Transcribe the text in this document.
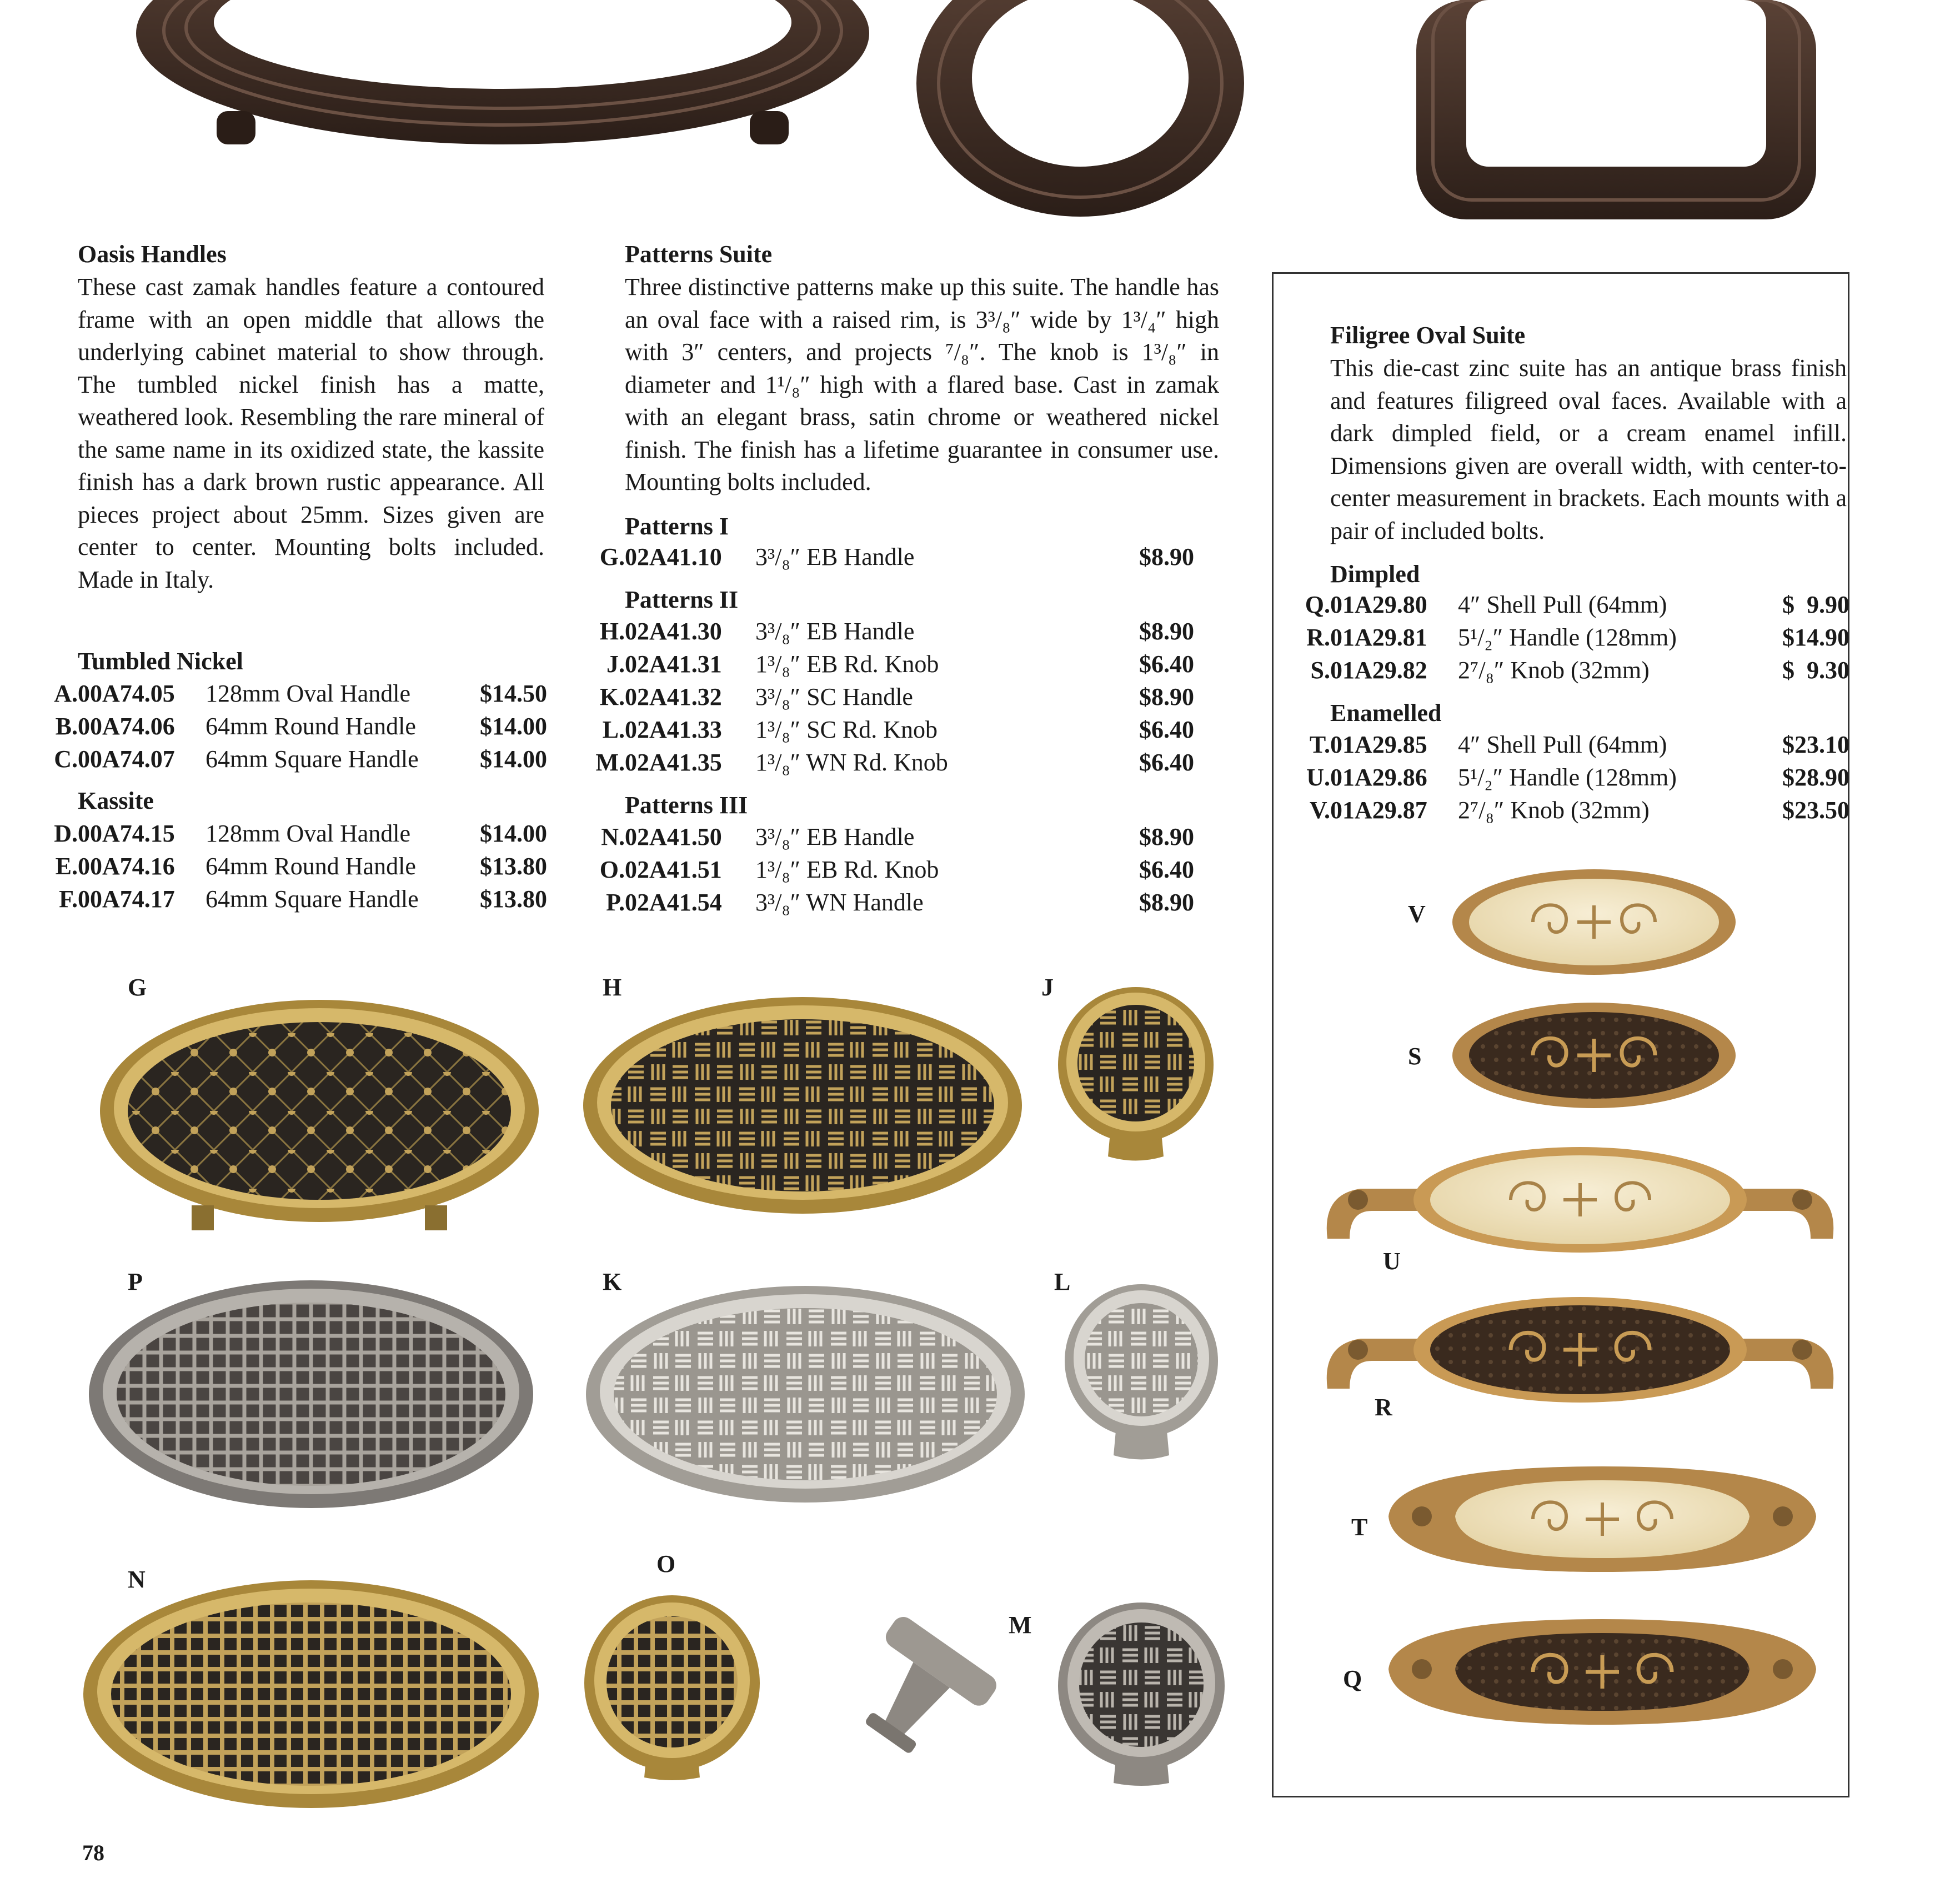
Oasis Handles
These cast zamak handles feature a contoured frame with an open middle that allows the underlying cabinet material to show through. The tumbled nickel finish has a matte, weathered look. Resembling the rare mineral of the same name in its oxidized state, the kassite finish has a dark brown rustic appearance. All pieces project about 25mm. Sizes given are center to center. Mounting bolts included. Made in Italy.
Tumbled Nickel
A. 00A74.05 128mm Oval Handle	$14.50
B. 00A74.06 64mm Round Handle	$14.00
C. 00A74.07 64mm Square Handle	$14.00
Kassite
D. 00A74.15 128mm Oval Handle	$14.00
E. 00A74.16 64mm Round Handle	$13.80
F. 00A74.17 64mm Square Handle	$13.80
Patterns Suite
Three distinctive patterns make up this suite. The handle has an oval face with a raised rim, is 3³/₈″ wide by 1³/₄″ high with 3″ centers, and projects ⁷/₈″. The knob is 1³/₈″ in diameter and 1¹/₈″ high with a flared base. Cast in zamak with an elegant brass, satin chrome or weathered nickel finish. The finish has a lifetime guarantee in consumer use. Mounting bolts included.
Patterns I
G. 02A41.10 3³/₈″ EB Handle	$8.90
Patterns II
H. 02A41.30 3³/₈″ EB Handle	$8.90
J. 02A41.31 1³/₈″ EB Rd. Knob	$6.40
K. 02A41.32 3³/₈″ SC Handle	$8.90
L. 02A41.33 1³/₈″ SC Rd. Knob	$6.40
M. 02A41.35 1³/₈″ WN Rd. Knob	$6.40
Patterns III
N. 02A41.50 3³/₈″ EB Handle	$8.90
O. 02A41.51 1³/₈″ EB Rd. Knob	$6.40
P. 02A41.54 3³/₈″ WN Handle	$8.90
Filigree Oval Suite
This die-cast zinc suite has an antique brass finish and features filigreed oval faces. Available with a dark dimpled field, or a cream enamel infill. Dimensions given are overall width, with center-to-center measurement in brackets. Each mounts with a pair of included bolts.
Dimpled
Q. 01A29.80 4″ Shell Pull (64mm)	$  9.90
R. 01A29.81 5¹/₂″ Handle (128mm)	$14.90
S. 01A29.82 2⁷/₈″ Knob (32mm)	$  9.30
Enamelled
T. 01A29.85 4″ Shell Pull (64mm)	$23.10
U. 01A29.86 5¹/₂″ Handle (128mm)	$28.90
V. 01A29.87 2⁷/₈″ Knob (32mm)	$23.50
G	H	J
P	K	L
N
O
M
V
S
U
R
T
Q
78
